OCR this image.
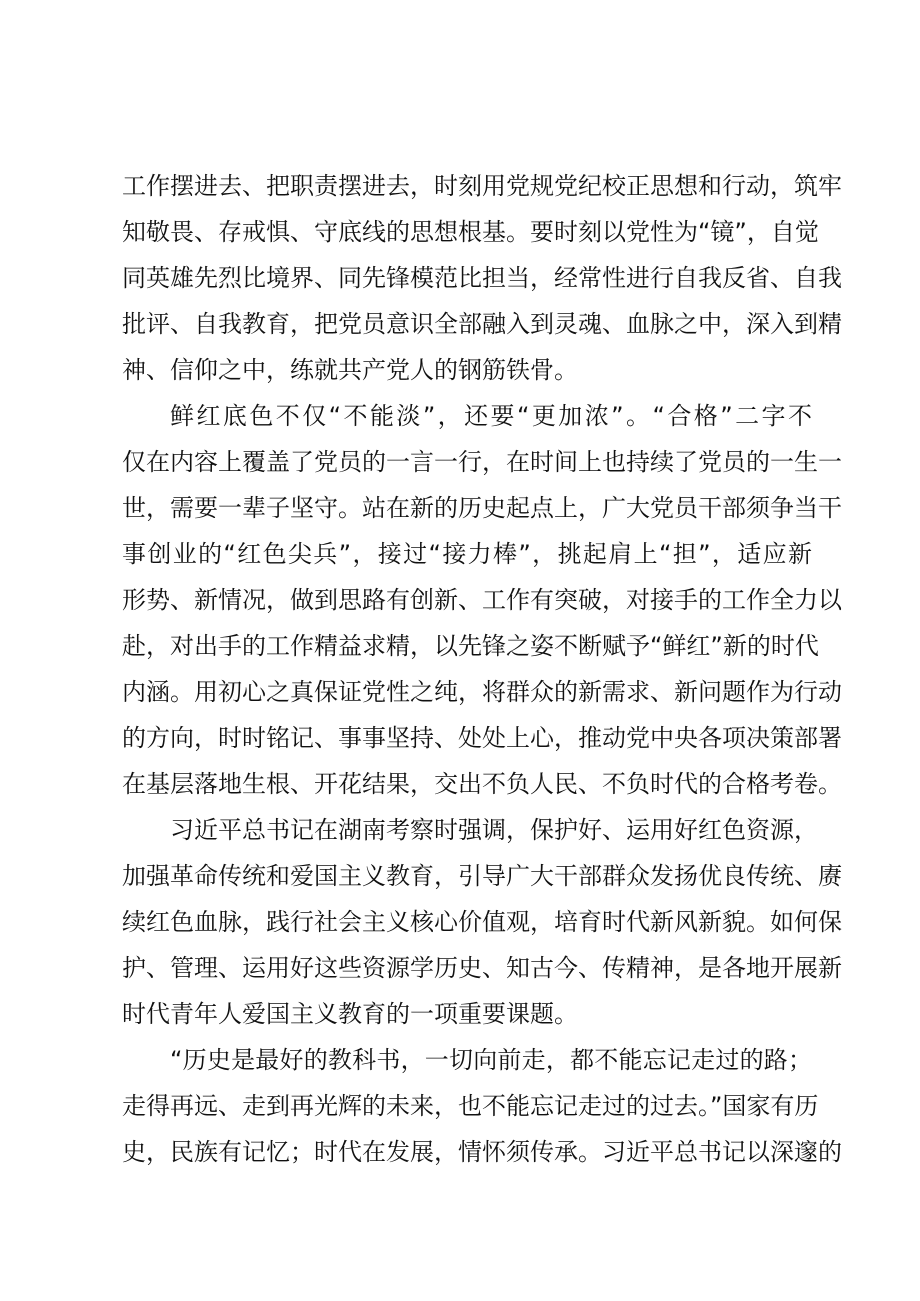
工作摆进去、把职责摆进去，时刻用党规党纪校正思想和行动，筑牢
知敬畏、存戒惧、守底线的思想根基。要时刻以党性为“镜”，自觉
同英雄先烈比境界、同先锋模范比担当，经常性进行自我反省、自我
批评、自我教育，把党员意识全部融入到灵魂、血脉之中，深入到精
神、信仰之中，练就共产党人的钢筋铁骨。
鲜红底色不仅“不能淡”，还要“更加浓”。“合格”二字不
仅在内容上覆盖了党员的一言一行，在时间上也持续了党员的一生一
世，需要一辈子坚守。站在新的历史起点上，广大党员干部须争当干
事创业的“红色尖兵”，接过“接力棒”，挑起肩上“担”，适应新
形势、新情况，做到思路有创新、工作有突破，对接手的工作全力以
赴，对出手的工作精益求精，以先锋之姿不断赋予“鲜红”新的时代
内涵。用初心之真保证党性之纯，将群众的新需求、新问题作为行动
的方向，时时铭记、事事坚持、处处上心，推动党中央各项决策部署
在基层落地生根、开花结果，交出不负人民、不负时代的合格考卷。
习近平总书记在湖南考察时强调，保护好、运用好红色资源，
加强革命传统和爱国主义教育，引导广大干部群众发扬优良传统、赓
续红色血脉，践行社会主义核心价值观，培育时代新风新貌。如何保
护、管理、运用好这些资源学历史、知古今、传精神，是各地开展新
时代青年人爱国主义教育的一项重要课题。
“历史是最好的教科书，一切向前走，都不能忘记走过的路；
走得再远、走到再光辉的未来，也不能忘记走过的过去。”国家有历
史，民族有记忆；时代在发展，情怀须传承。习近平总书记以深邃的
